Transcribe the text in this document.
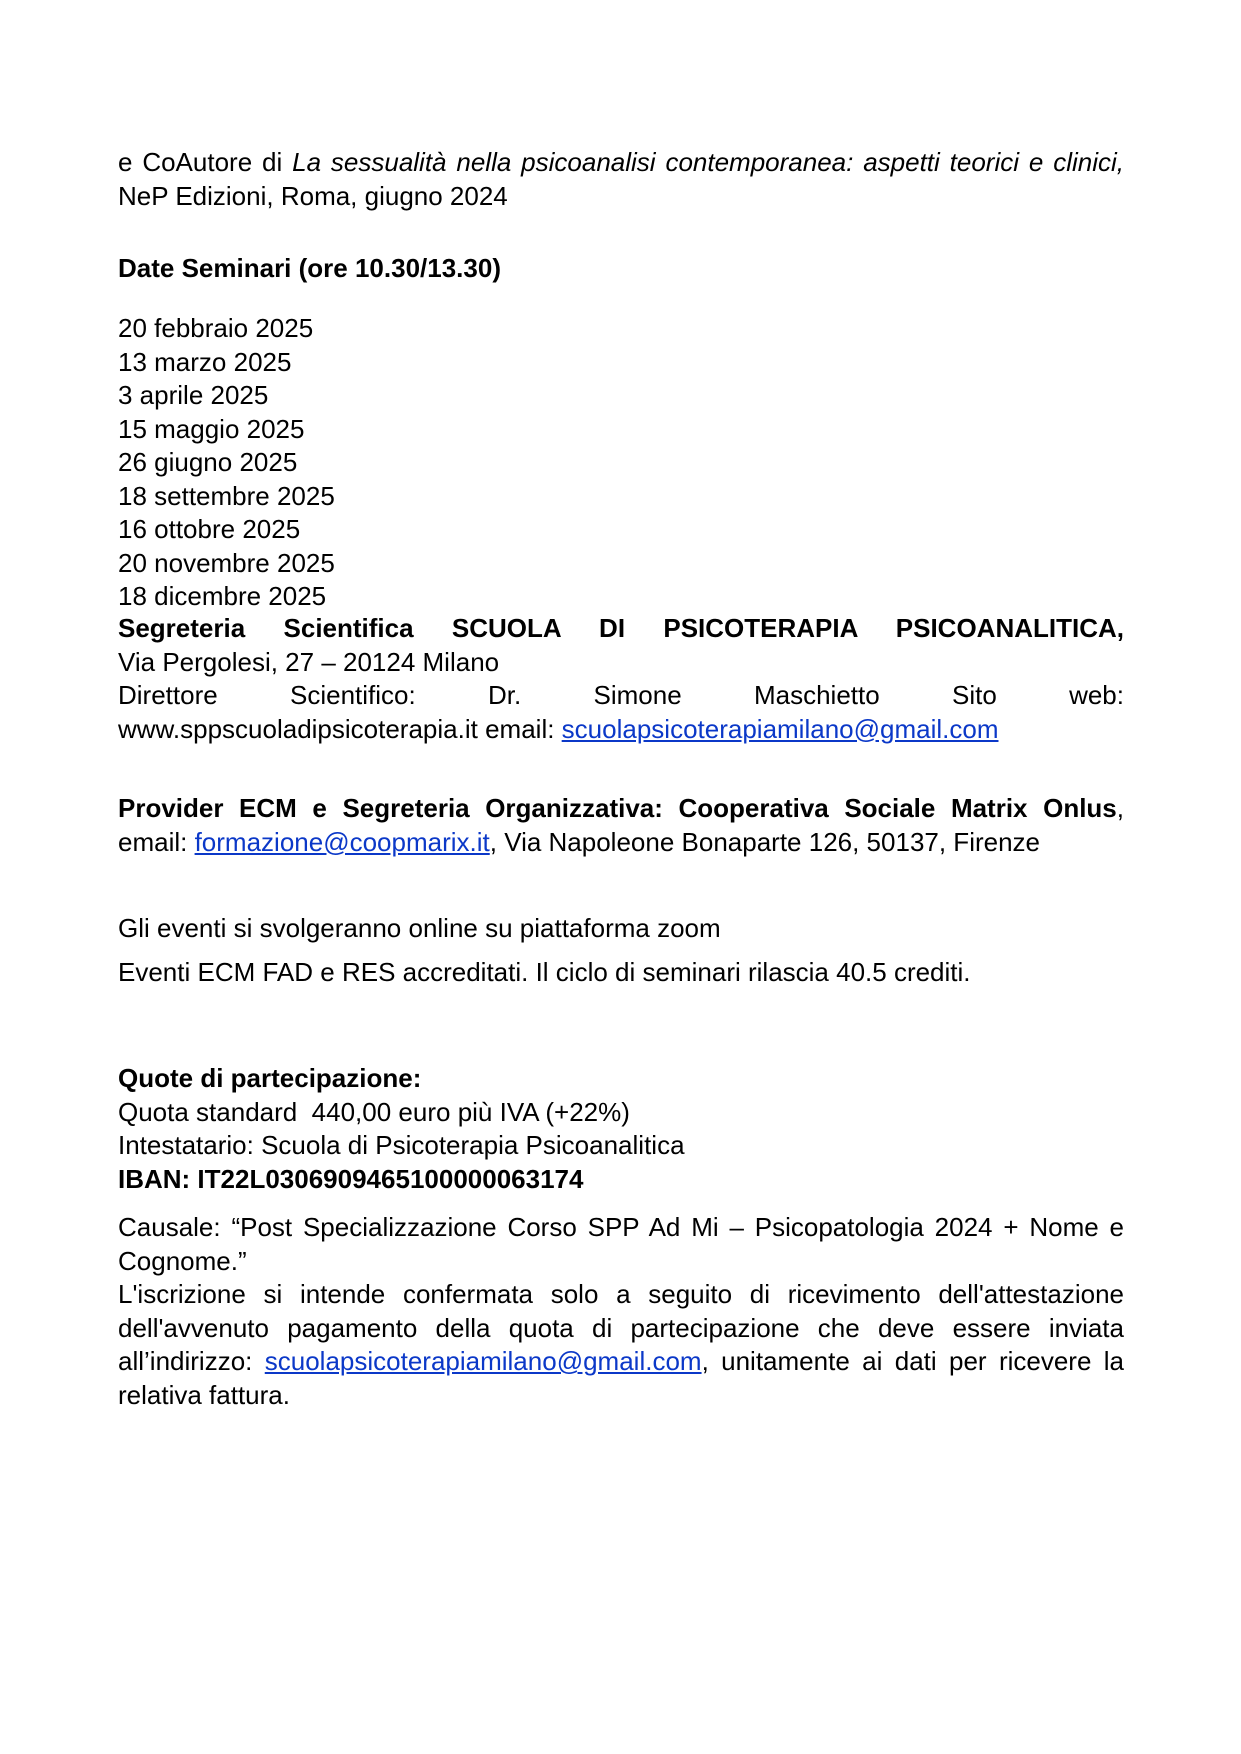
e CoAutore di La sessualità nella psicoanalisi contemporanea: aspetti teorici e clinici, NeP Edizioni, Roma, giugno 2024
Date Seminari (ore 10.30/13.30)
20 febbraio 2025
13 marzo 2025
3 aprile 2025
15 maggio 2025
26 giugno 2025
18 settembre 2025
16 ottobre 2025
20 novembre 2025
18 dicembre 2025
Segreteria Scientifica SCUOLA DI PSICOTERAPIA PSICOANALITICA,
Via Pergolesi, 27 – 20124 Milano
Direttore Scientifico: Dr. Simone Maschietto Sito web:
www.sppscuoladipsicoterapia.it email: scuolapsicoterapiamilano@gmail.com
Provider ECM e Segreteria Organizzativa: Cooperativa Sociale Matrix Onlus, email: formazione@coopmarix.it, Via Napoleone Bonaparte 126, 50137, Firenze
Gli eventi si svolgeranno online su piattaforma zoom
Eventi ECM FAD e RES accreditati. Il ciclo di seminari rilascia 40.5 crediti.
Quote di partecipazione:
Quota standard  440,00 euro più IVA (+22%)
Intestatario: Scuola di Psicoterapia Psicoanalitica
IBAN: IT22L0306909465100000063174
Causale: “Post Specializzazione Corso SPP Ad Mi – Psicopatologia 2024 + Nome e Cognome.”
L'iscrizione si intende confermata solo a seguito di ricevimento dell'attestazione dell'avvenuto pagamento della quota di partecipazione che deve essere inviata all’indirizzo: scuolapsicoterapiamilano@gmail.com, unitamente ai dati per ricevere la relativa fattura.
